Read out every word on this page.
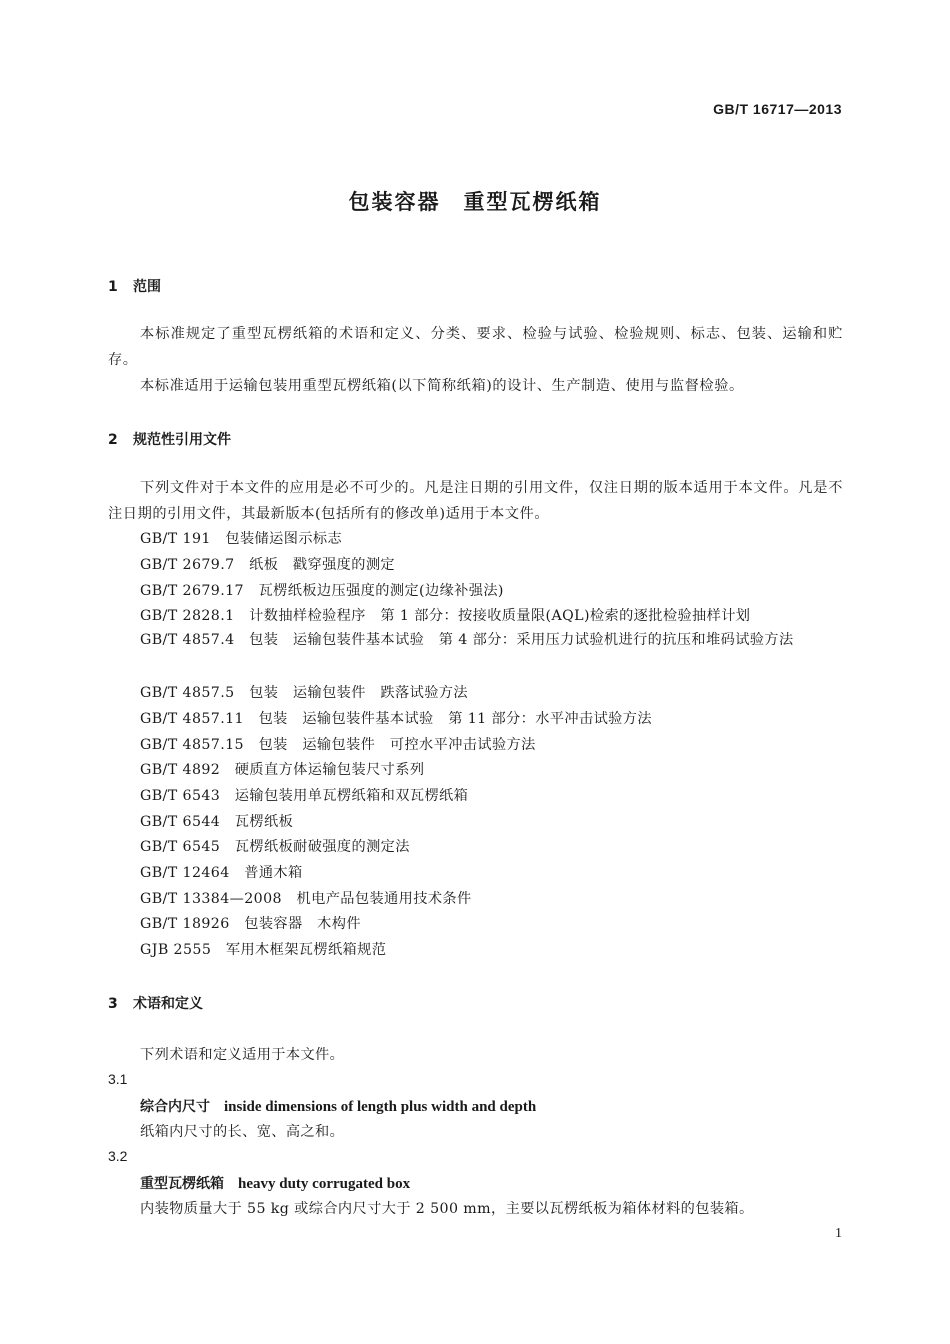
GB/T 16717—2013
包装容器　重型瓦楞纸箱
1 范围

本标准规定了重型瓦楞纸箱的术语和定义、分类、要求、检验与试验、检验规则、标志、包装、运输和贮存。

本标准适用于运输包装用重型瓦楞纸箱(以下简称纸箱)的设计、生产制造、使用与监督检验。

2 规范性引用文件

下列文件对于本文件的应用是必不可少的。凡是注日期的引用文件，仅注日期的版本适用于本文件。凡是不注日期的引用文件，其最新版本(包括所有的修改单)适用于本文件。

GB/T 191　包装储运图示标志
GB/T 2679.7　纸板　戳穿强度的测定
GB/T 2679.17　瓦楞纸板边压强度的测定(边缘补强法)
GB/T 2828.1　计数抽样检验程序　第 1 部分：按接收质量限(AQL)检索的逐批检验抽样计划

GB/T 4857.4　包装　运输包装件基本试验　第 4 部分：采用压力试验机进行的抗压和堆码试验方法

GB/T 4857.5　包装　运输包装件　跌落试验方法
GB/T 4857.11　包装　运输包装件基本试验　第 11 部分：水平冲击试验方法
GB/T 4857.15　包装　运输包装件　可控水平冲击试验方法
GB/T 4892　硬质直方体运输包装尺寸系列
GB/T 6543　运输包装用单瓦楞纸箱和双瓦楞纸箱
GB/T 6544　瓦楞纸板
GB/T 6545　瓦楞纸板耐破强度的测定法
GB/T 12464　普通木箱
GB/T 13384—2008　机电产品包装通用技术条件
GB/T 18926　包装容器　木构件
GJB 2555　军用木框架瓦楞纸箱规范
3 术语和定义
下列术语和定义适用于本文件。
3.1
综合内尺寸　 inside dimensions of length plus width and depth
纸箱内尺寸的长、宽、高之和。
3.2
重型瓦楞纸箱　 heavy duty corrugated box
内装物质量大于 55 kg 或综合内尺寸大于 2 500 mm，主要以瓦楞纸板为箱体材料的包装箱。
1
